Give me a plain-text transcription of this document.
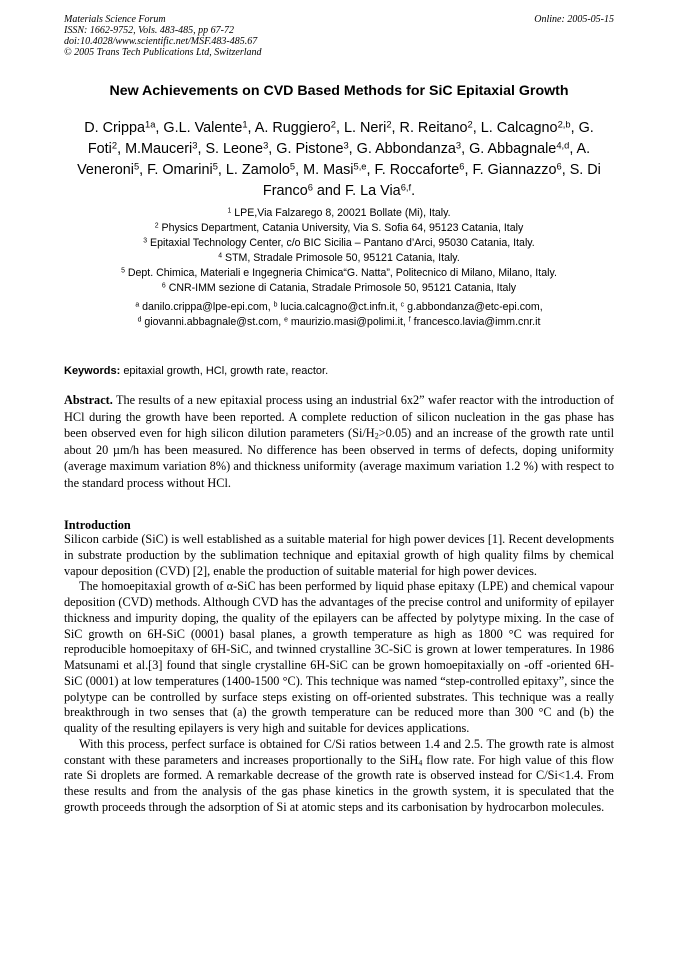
Materials Science Forum
ISSN: 1662-9752, Vols. 483-485, pp 67-72
doi:10.4028/www.scientific.net/MSF.483-485.67
© 2005 Trans Tech Publications Ltd, Switzerland
Online: 2005-05-15
New Achievements on CVD Based Methods for SiC Epitaxial Growth
D. Crippa$^{1a}$, G.L. Valente$^1$, A. Ruggiero$^2$, L. Neri$^2$, R. Reitano$^2$, L. Calcagno$^{2,b}$, G. Foti$^2$, M.Mauceri$^3$, S. Leone$^3$, G. Pistone$^3$, G. Abbondanza$^3$, G. Abbagnale$^{4,d}$, A. Veneroni$^5$, F. Omarini$^5$, L. Zamolo$^5$, M. Masi$^{5,e}$, F. Roccaforte$^6$, F. Giannazzo$^6$, S. Di Franco$^6$ and F. La Via$^{6,f}$.
$^1$ LPE,Via Falzarego 8, 20021 Bollate (Mi), Italy.
$^2$ Physics Department, Catania University, Via S. Sofia 64, 95123 Catania, Italy
$^3$ Epitaxial Technology Center, c/o BIC Sicilia – Pantano d’Arci, 95030 Catania, Italy.
$^4$ STM, Stradale Primosole 50, 95121 Catania, Italy.
$^5$ Dept. Chimica, Materiali e Ingegneria Chimica“G. Natta”, Politecnico di Milano, Milano, Italy.
$^6$ CNR-IMM sezione di Catania, Stradale Primosole 50, 95121 Catania, Italy
$^a$ danilo.crippa@lpe-epi.com, $^b$ lucia.calcagno@ct.infn.it, $^c$ g.abbondanza@etc-epi.com, $^d$ giovanni.abbagnale@st.com, $^e$ maurizio.masi@polimi.it, $^f$ francesco.lavia@imm.cnr.it
Keywords: epitaxial growth, HCl, growth rate, reactor.
Abstract. The results of a new epitaxial process using an industrial 6x2” wafer reactor with the introduction of HCl during the growth have been reported. A complete reduction of silicon nucleation in the gas phase has been observed even for high silicon dilution parameters $(Si/H_2>0.05)$ and an increase of the growth rate until about 20 µm/h has been measured. No difference has been observed in terms of defects, doping uniformity (average maximum variation 8%) and thickness uniformity (average maximum variation 1.2 %) with respect to the standard process without HCl.
Introduction

Silicon carbide (SiC) is well established as a suitable material for high power devices [1]. Recent developments in substrate production by the sublimation technique and epitaxial growth of high quality films by chemical vapour deposition (CVD) [2], enable the production of suitable material for high power devices.

The homoepitaxial growth of α-SiC has been performed by liquid phase epitaxy (LPE) and chemical vapour deposition (CVD) methods. Although CVD has the advantages of the precise control and uniformity of epilayer thickness and impurity doping, the quality of the epilayers can be affected by polytype mixing. In the case of SiC growth on 6H-SiC (0001) basal planes, a growth temperature as high as 1800 °C was required for reproducible homoepitaxy of 6H-SiC, and twinned crystalline 3C-SiC is grown at lower temperatures. In 1986 Matsunami et al.[3] found that single crystalline 6H-SiC can be grown homoepitaxially on -off -oriented 6H-SiC (0001) at low temperatures (1400-1500 °C). This technique was named “step-controlled epitaxy”, since the polytype can be controlled by surface steps existing on off-oriented substrates. This technique was a really breakthrough in two senses that (a) the growth temperature can be reduced more than 300 °C and (b) the quality of the resulting epilayers is very high and suitable for devices applications.

With this process, perfect surface is obtained for C/Si ratios between 1.4 and 2.5. The growth rate is almost constant with these parameters and increases proportionally to the SiH$_4$ flow rate. For high value of this flow rate Si droplets are formed. A remarkable decrease of the growth rate is observed instead for C/Si<1.4. From these results and from the analysis of the gas phase kinetics in the growth system, it is speculated that the growth proceeds through the adsorption of Si at atomic steps and its carbonisation by hydrocarbon molecules.
